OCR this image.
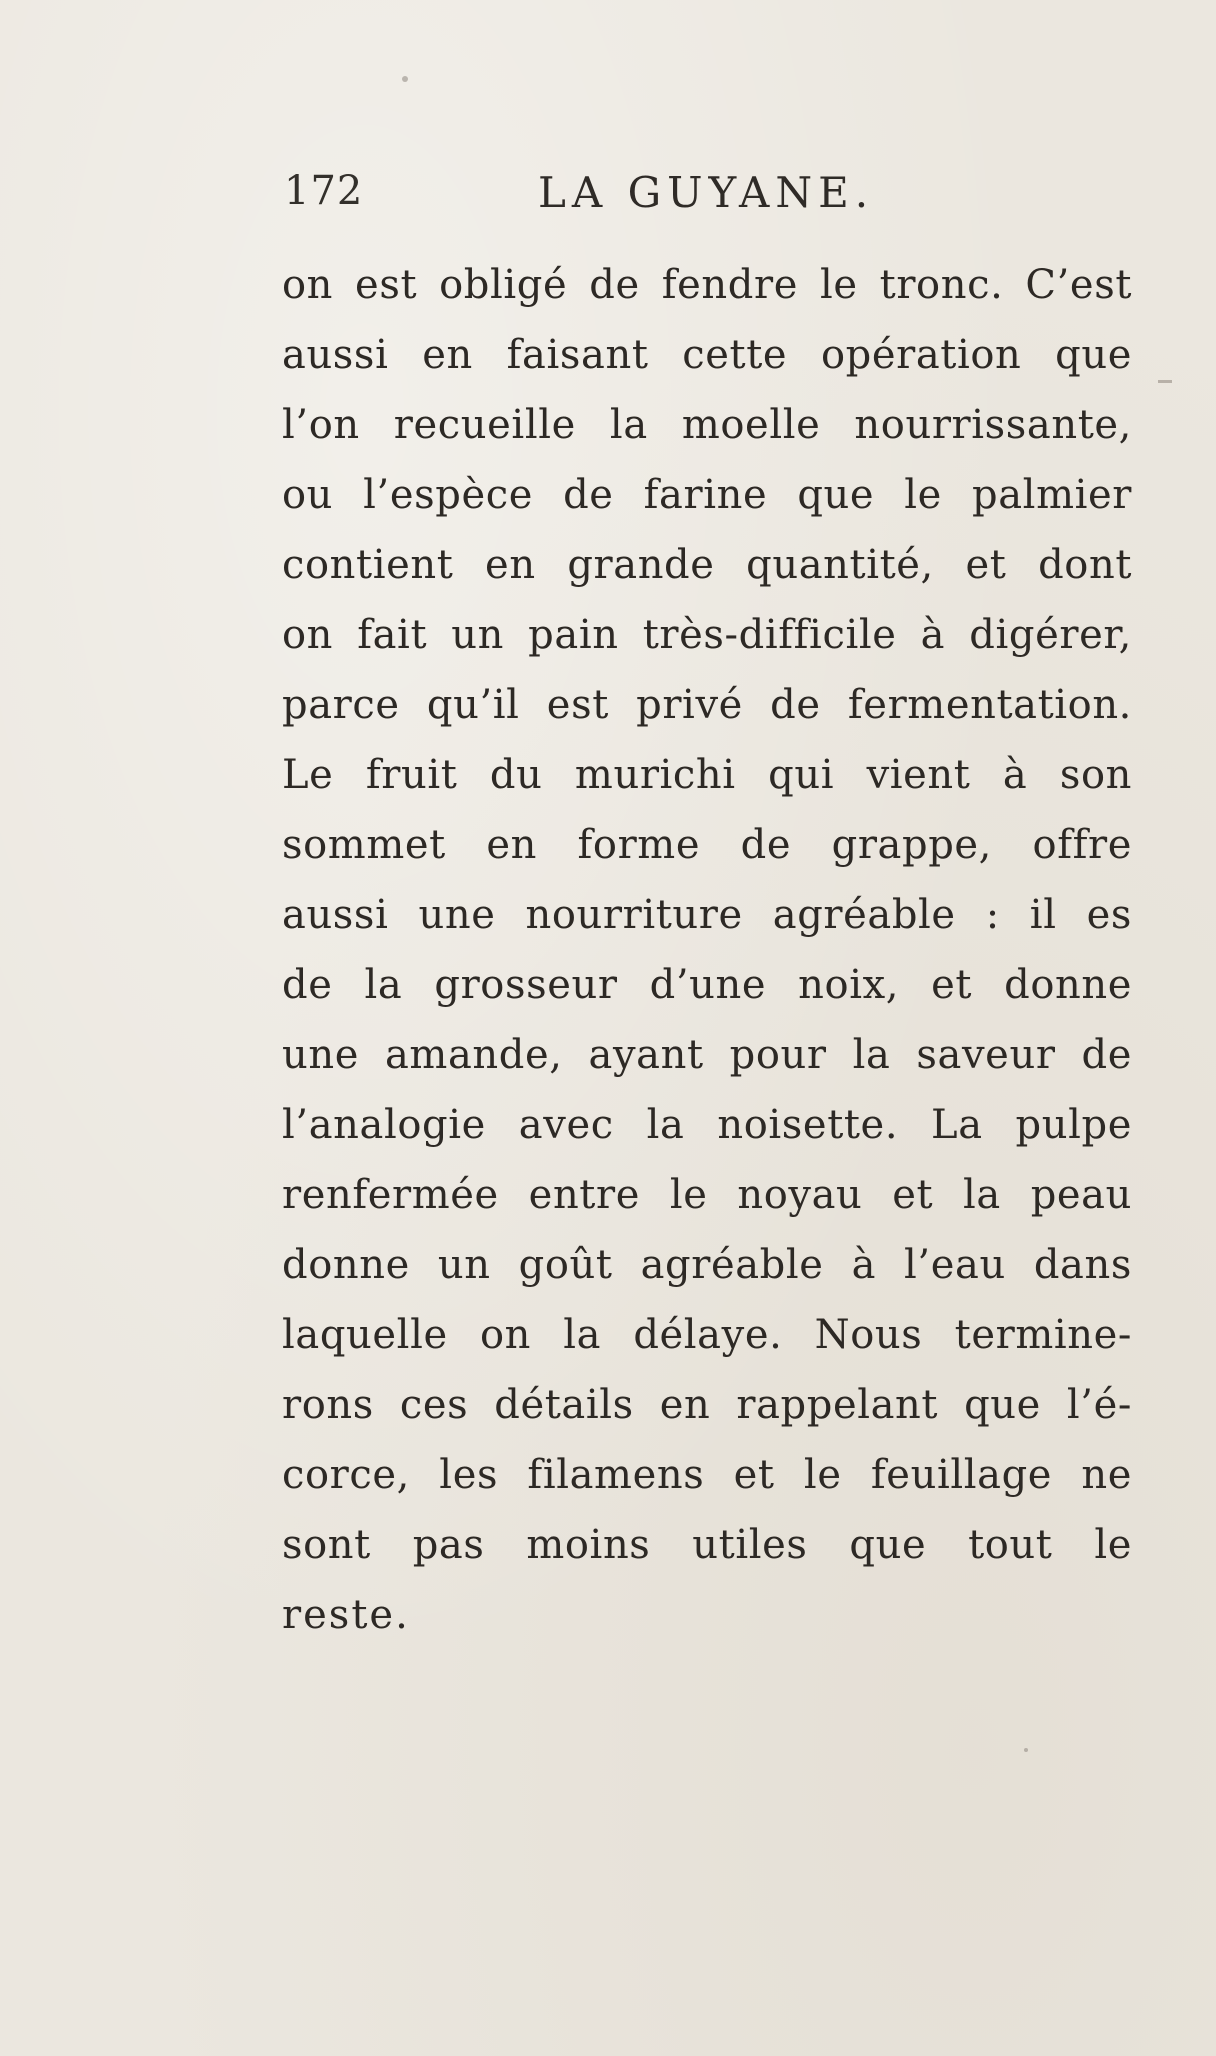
172	LA GUYANE.
on est obligé de fendre le tronc. C’est
aussi en faisant cette opération que
l’on recueille la moelle nourrissante,
ou l’espèce de farine que le palmier
contient en grande quantité, et dont
on fait un pain très-difficile à digérer,
parce qu’il est privé de fermentation.
Le fruit du murichi qui vient à son
sommet en forme de grappe, offre
aussi une nourriture agréable : il es
de la grosseur d’une noix, et donne
une amande, ayant pour la saveur de
l’analogie avec la noisette. La pulpe
renfermée entre le noyau et la peau
donne un goût agréable à l’eau dans
laquelle on la délaye. Nous termine-
rons ces détails en rappelant que l’é-
corce, les filamens et le feuillage ne
sont pas moins utiles que tout le
reste.
